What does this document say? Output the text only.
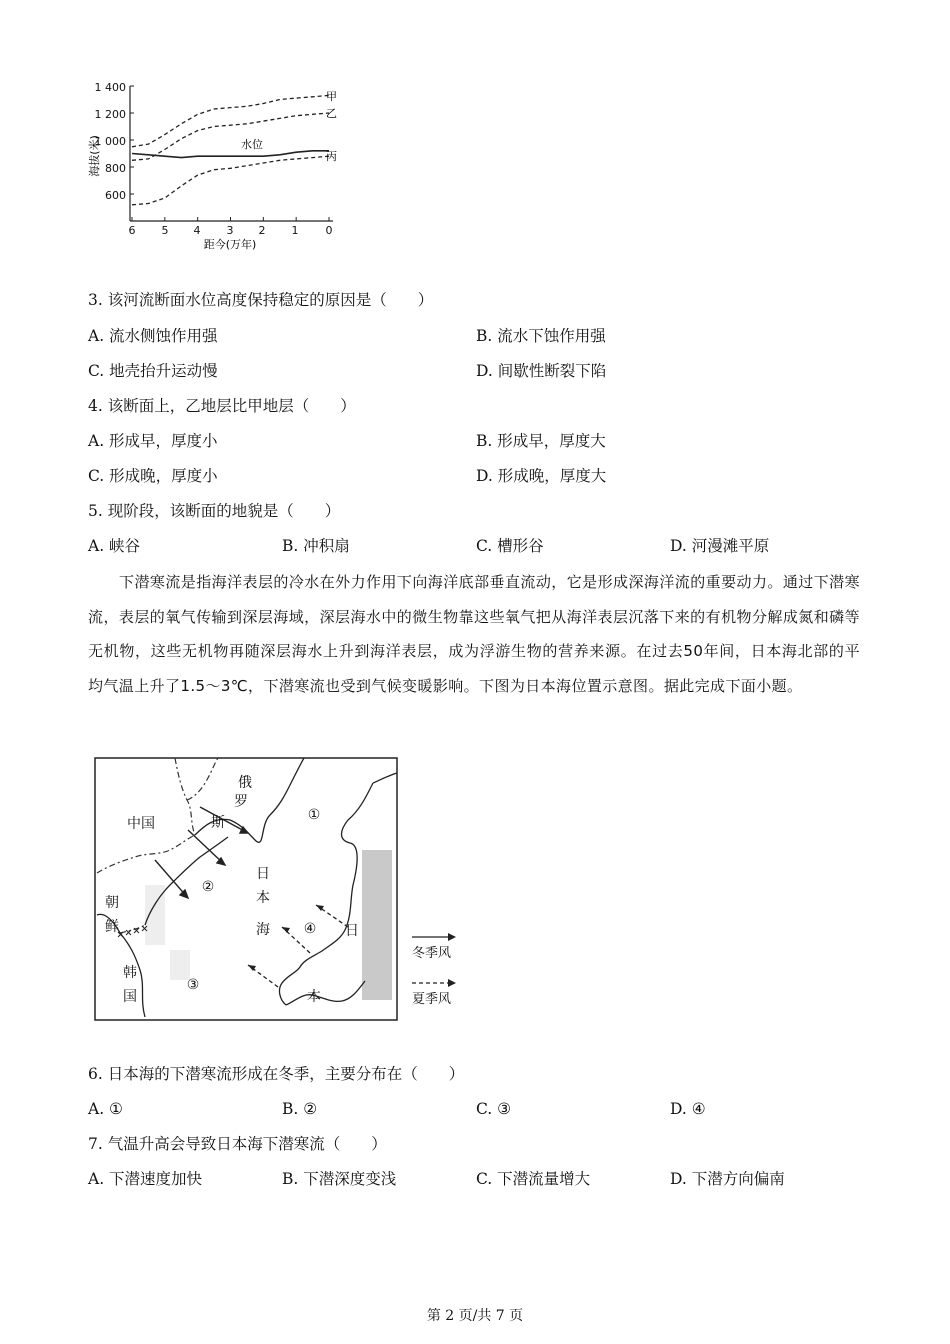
1 400
1 200
1 000
800
600
6 5 4 3 2 1 0
距今(万年)
海拔(米)
甲
乙
丙
水位
3. 该河流断面水位高度保持稳定的原因是（　　）
A. 流水侧蚀作用强	B. 流水下蚀作用强
C. 地壳抬升运动慢	D. 间歇性断裂下陷
4. 该断面上，乙地层比甲地层（　　）
A. 形成早，厚度小	B. 形成早，厚度大
C. 形成晚，厚度小	D. 形成晚，厚度大
5. 现阶段，该断面的地貌是（　　）
A. 峡谷	B. 冲积扇	C. 槽形谷	D. 河漫滩平原
下潜寒流是指海洋表层的冷水在外力作用下向海洋底部垂直流动，它是形成深海洋流的重要动力。通过下潜寒流，表层的氧气传输到深层海域，深层海水中的微生物靠这些氧气把从海洋表层沉落下来的有机物分解成氮和磷等无机物，这些无机物再随深层海水上升到海洋表层，成为浮游生物的营养来源。在过去50年间，日本海北部的平均气温上升了1.5～3℃，下潜寒流也受到气候变暖影响。下图为日本海位置示意图。据此完成下面小题。
俄
罗
斯
中国
朝
鲜
韩
国
日
本
海	日
本
①
②
③
④
冬季风
夏季风
6. 日本海的下潜寒流形成在冬季，主要分布在（　　）
A. ①	B. ②	C. ③	D. ④
7. 气温升高会导致日本海下潜寒流（　　）
A. 下潜速度加快	B. 下潜深度变浅	C. 下潜流量增大	D. 下潜方向偏南
第 2 页/共 7 页
